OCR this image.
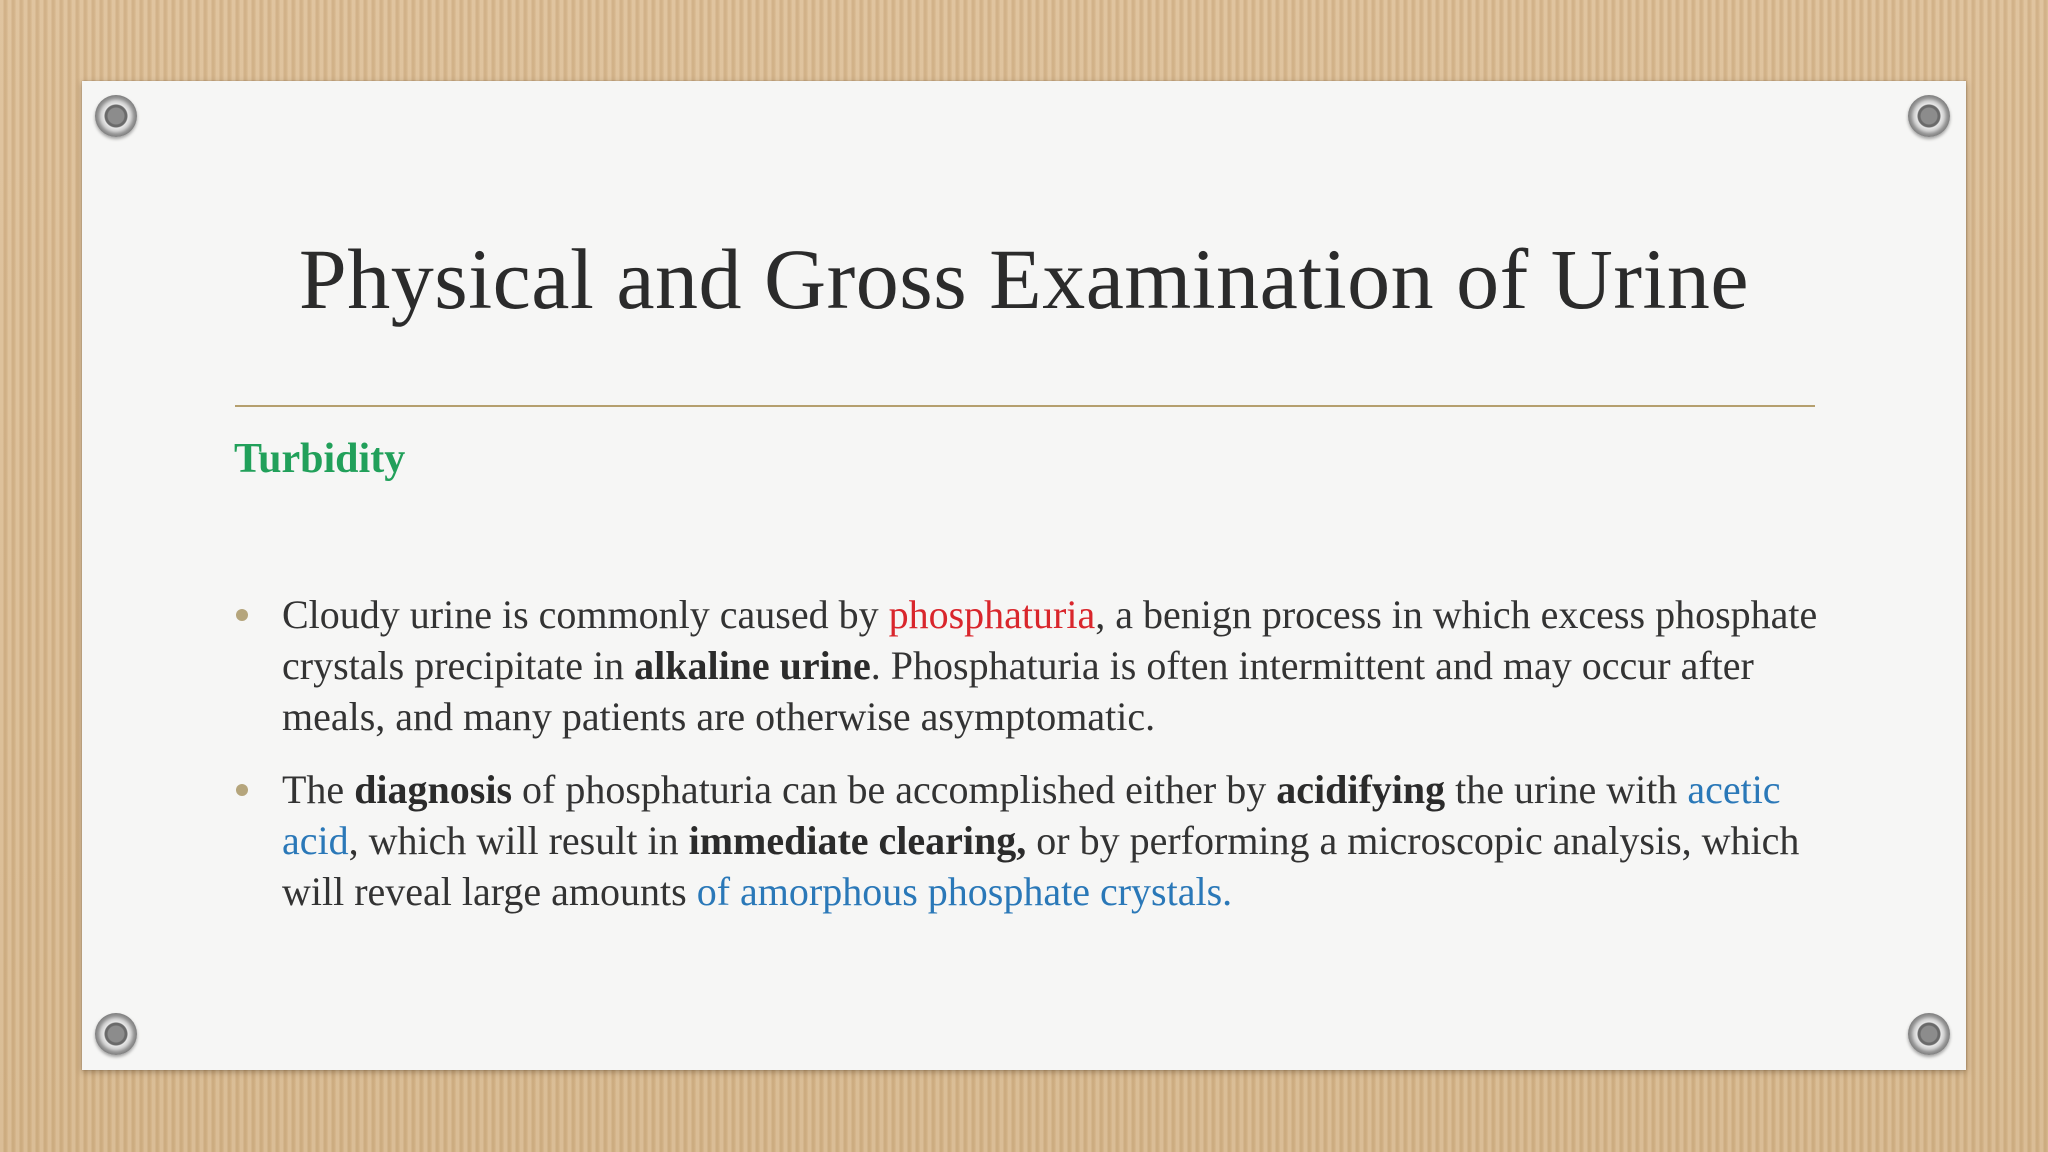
Physical and Gross Examination of Urine
Turbidity
Cloudy urine is commonly caused by phosphaturia, a benign process in which excess phosphate crystals precipitate in alkaline urine. Phosphaturia is often intermittent and may occur after meals, and many patients are otherwise asymptomatic.
The diagnosis of phosphaturia can be accomplished either by acidifying the urine with acetic acid, which will result in immediate clearing, or by performing a microscopic analysis, which will reveal large amounts of amorphous phosphate crystals.
